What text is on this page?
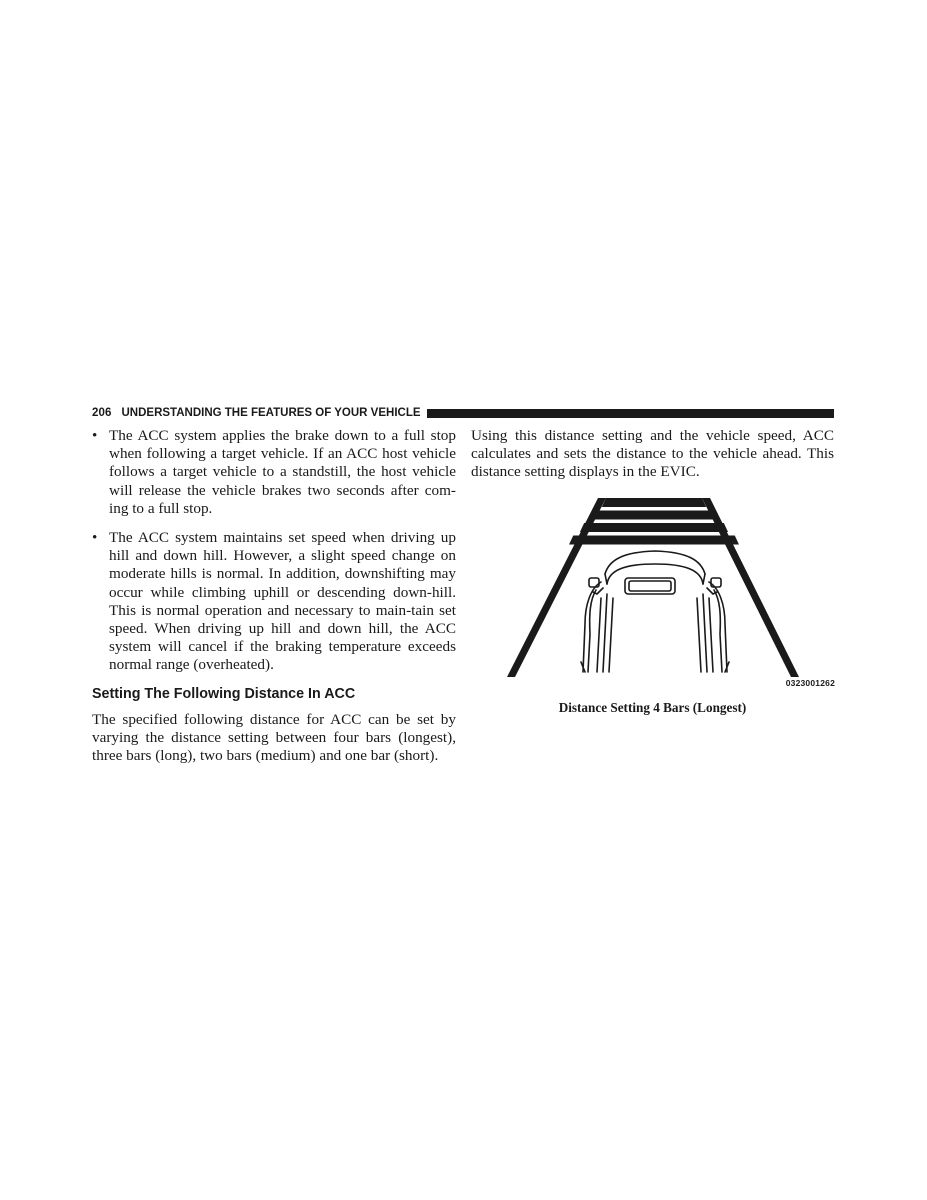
206 UNDERSTANDING THE FEATURES OF YOUR VEHICLE
• The ACC system applies the brake down to a full stop when following a target vehicle. If an ACC host vehicle follows a target vehicle to a standstill, the host vehicle will release the vehicle brakes two seconds after com-ing to a full stop.
• The ACC system maintains set speed when driving up hill and down hill. However, a slight speed change on moderate hills is normal. In addition, downshifting may occur while climbing uphill or descending down-hill. This is normal operation and necessary to main-tain set speed. When driving up hill and down hill, the ACC system will cancel if the braking temperature exceeds normal range (overheated).
Setting The Following Distance In ACC

The specified following distance for ACC can be set by varying the distance setting between four bars (longest), three bars (long), two bars (medium) and one bar (short).

Using this distance setting and the vehicle speed, ACC calculates and sets the distance to the vehicle ahead. This distance setting displays in the EVIC.

0323001262
Distance Setting 4 Bars (Longest)
